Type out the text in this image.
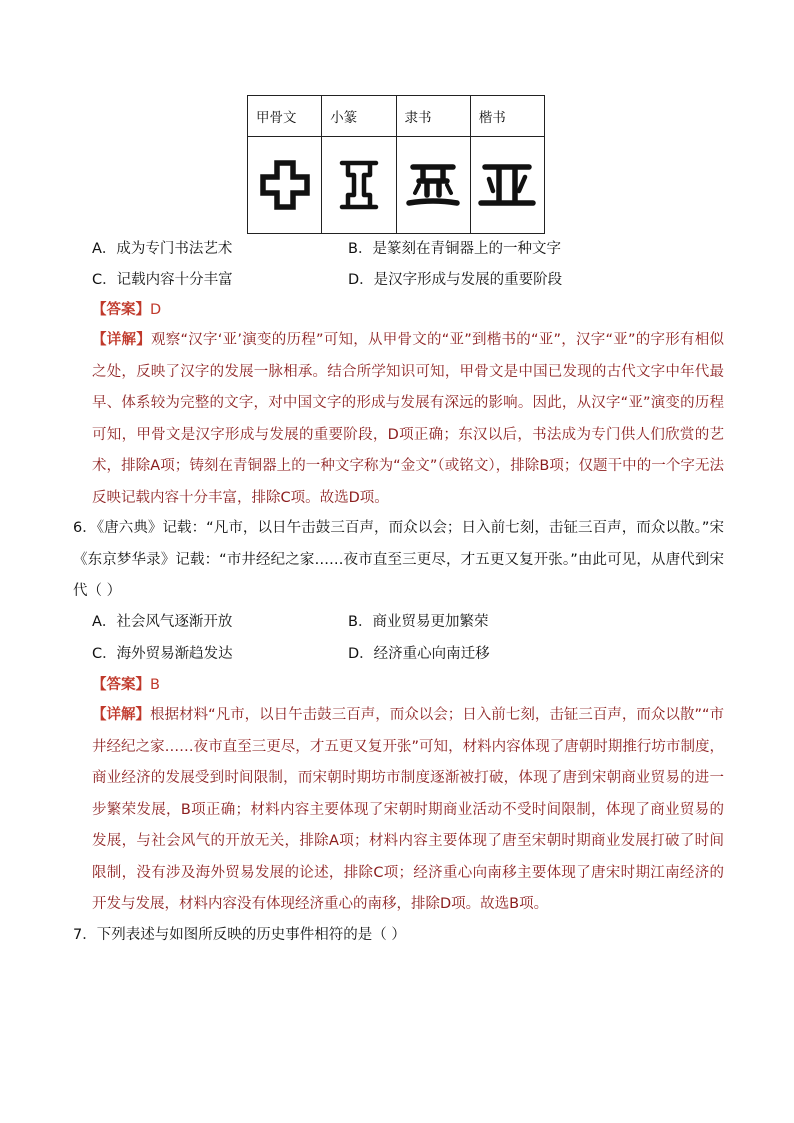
甲骨文	小篆	隶书	楷书

A．成为专门书法艺术	B．是篆刻在青铜器上的一种文字
C．记载内容十分丰富	D．是汉字形成与发展的重要阶段
【答案】D
【详解】观察“汉字‘亚’演变的历程”可知，从甲骨文的“亚”到楷书的“亚”，汉字“亚”的字形有相似之处，反映了汉字的发展一脉相承。结合所学知识可知，甲骨文是中国已发现的古代文字中年代最早、体系较为完整的文字，对中国文字的形成与发展有深远的影响。因此，从汉字“亚”演变的历程可知，甲骨文是汉字形成与发展的重要阶段，D项正确；东汉以后，书法成为专门供人们欣赏的艺术，排除A项；铸刻在青铜器上的一种文字称为“金文”（或铭文），排除B项；仅题干中的一个字无法反映记载内容十分丰富，排除C项。故选D项。
6．《唐六典》记载：“凡市，以日午击鼓三百声，而众以会；日入前七刻，击钲三百声，而众以散。”宋《东京梦华录》记载：“市井经纪之家……夜市直至三更尽，才五更又复开张。”由此可见，从唐代到宋代（ ）
A．社会风气逐渐开放	B．商业贸易更加繁荣
C．海外贸易渐趋发达	D．经济重心向南迁移
【答案】B
【详解】根据材料“凡市，以日午击鼓三百声，而众以会；日入前七刻，击钲三百声，而众以散”“市井经纪之家……夜市直至三更尽，才五更又复开张”可知，材料内容体现了唐朝时期推行坊市制度，商业经济的发展受到时间限制，而宋朝时期坊市制度逐渐被打破，体现了唐到宋朝商业贸易的进一步繁荣发展，B项正确；材料内容主要体现了宋朝时期商业活动不受时间限制，体现了商业贸易的发展，与社会风气的开放无关，排除A项；材料内容主要体现了唐至宋朝时期商业发展打破了时间限制，没有涉及海外贸易发展的论述，排除C项；经济重心向南移主要体现了唐宋时期江南经济的开发与发展，材料内容没有体现经济重心的南移，排除D项。故选B项。
7．下列表述与如图所反映的历史事件相符的是（ ）
